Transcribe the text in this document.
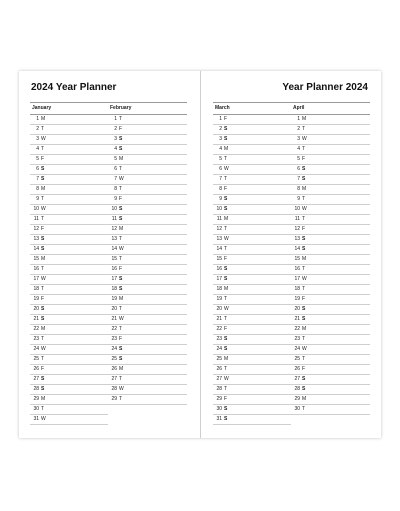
2024 Year Planner
January
1 M
2 T
3 W
4 T
5 F
6 S
7 S
8 M
9 T
10 W
11 T
12 F
13 S
14 S
15 M
16 T
17 W
18 T
19 F
20 S
21 S
22 M
23 T
24 W
25 T
26 F
27 S
28 S
29 M
30 T
31 W
February
1 T
2 F
3 S
4 S
5 M
6 T
7 W
8 T
9 F
10 S
11 S
12 M
13 T
14 W
15 T
16 F
17 S
18 S
19 M
20 T
21 W
22 T
23 F
24 S
25 S
26 M
27 T
28 W
29 T
Year Planner 2024
March
1 F
2 S
3 S
4 M
5 T
6 W
7 T
8 F
9 S
10 S
11 M
12 T
13 W
14 T
15 F
16 S
17 S
18 M
19 T
20 W
21 T
22 F
23 S
24 S
25 M
26 T
27 W
28 T
29 F
30 S
31 S
April
1 M
2 T
3 W
4 T
5 F
6 S
7 S
8 M
9 T
10 W
11 T
12 F
13 S
14 S
15 M
16 T
17 W
18 T
19 F
20 S
21 S
22 M
23 T
24 W
25 T
26 F
27 S
28 S
29 M
30 T
